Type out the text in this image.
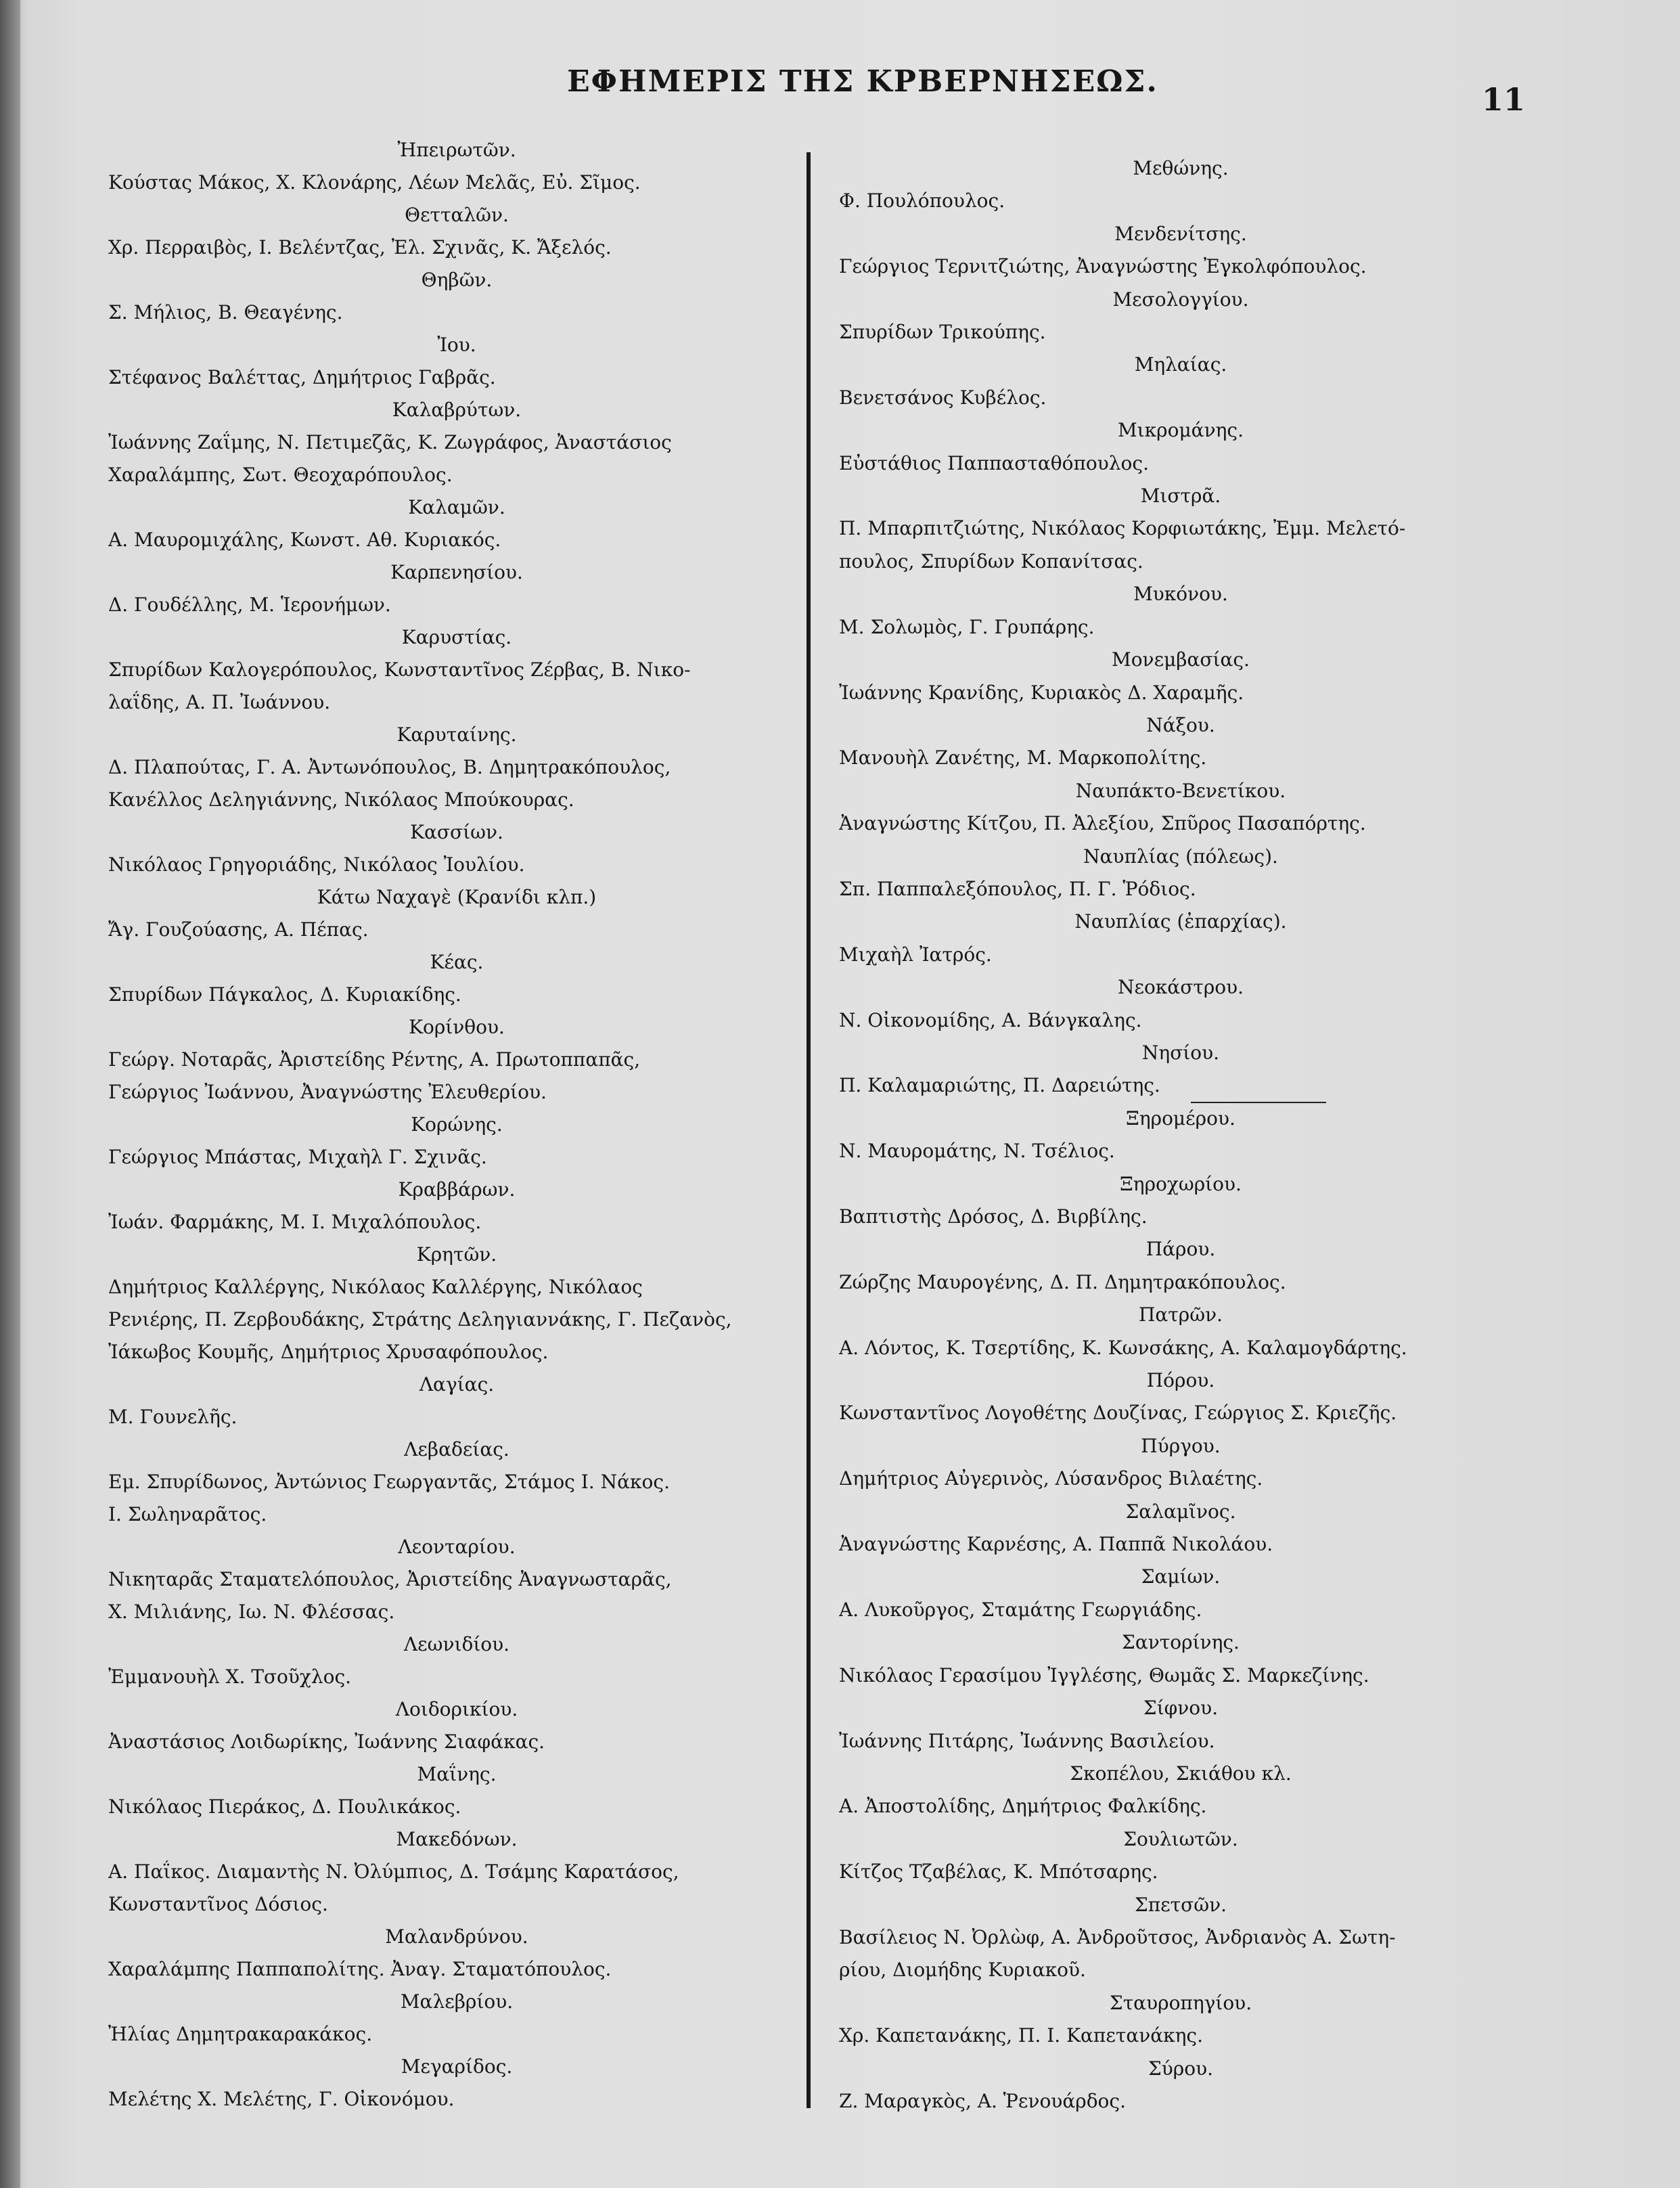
ΕΦΗΜΕΡΙΣ ΤΗΣ ΚΡΒΕΡΝΗΣΕΩΣ.	11
Ἠπειρωτῶν.
Κούστας Μάκος, Χ. Κλονάρης, Λέων Μελᾶς, Εὐ. Σῖμος.
Θετταλῶν.
Χρ. Περραιβὸς, Ι. Βελέντζας, Ἐλ. Σχινᾶς, Κ. Ἄξελός.
Θηβῶν.
Σ. Μήλιος, Β. Θεαγένης.
Ἰου.
Στέφανος Βαλέττας, Δημήτριος Γαβρᾶς.
Καλαβρύτων.
Ἰωάννης Ζαΐμης, Ν. Πετιμεζᾶς, Κ. Ζωγράφος, Ἀναστάσιος
Χαραλάμπης, Σωτ. Θεοχαρόπουλος.
Καλαμῶν.
Α. Μαυρομιχάλης, Κωνστ. Αθ. Κυριακός.
Καρπενησίου.
Δ. Γουδέλλης, Μ. Ἱερονήμων.
Καρυστίας.
Σπυρίδων Καλογερόπουλος, Κωνσταντῖνος Ζέρβας, Β. Νικο-
λαΐδης, Α. Π. Ἰωάννου.
Καρυταίνης.
Δ. Πλαπούτας, Γ. Α. Ἀντωνόπουλος, Β. Δημητρακόπουλος,
Κανέλλος Δεληγιάννης, Νικόλαος Μπούκουρας.
Κασσίων.
Νικόλαος Γρηγοριάδης, Νικόλαος Ἰουλίου.
Κάτω Ναχαγὲ (Κρανίδι κλπ.)
Ἄγ. Γουζούασης, Α. Πέπας.
Κέας.
Σπυρίδων Πάγκαλος, Δ. Κυριακίδης.
Κορίνθου.
Γεώργ. Νοταρᾶς, Ἀριστείδης Ρέντης, Α. Πρωτοππαπᾶς,
Γεώργιος Ἰωάννου, Ἀναγνώστης Ἐλευθερίου.
Κορώνης.
Γεώργιος Μπάστας, Μιχαὴλ Γ. Σχινᾶς.
Κραββάρων.
Ἰωάν. Φαρμάκης, Μ. Ι. Μιχαλόπουλος.
Κρητῶν.
Δημήτριος Καλλέργης, Νικόλαος Καλλέργης, Νικόλαος
Ρενιέρης, Π. Ζερβουδάκης, Στράτης Δεληγιαννάκης, Γ. Πεζανὸς,
Ἰάκωβος Κουμῆς, Δημήτριος Χρυσαφόπουλος.
Λαγίας.
Μ. Γουνελῆς.
Λεβαδείας.
Εμ. Σπυρίδωνος, Ἀντώνιος Γεωργαντᾶς, Στάμος Ι. Νάκος.
Ι. Σωληναρᾶτος.
Λεονταρίου.
Νικηταρᾶς Σταματελόπουλος, Ἀριστείδης Ἀναγνωσταρᾶς,
Χ. Μιλιάνης, Ιω. Ν. Φλέσσας.
Λεωνιδίου.
Ἐμμανουὴλ Χ. Τσοῦχλος.
Λοιδορικίου.
Ἀναστάσιος Λοιδωρίκης, Ἰωάννης Σιαφάκας.
Μαΐνης.
Νικόλαος Πιεράκος, Δ. Πουλικάκος.
Μακεδόνων.
Α. Παΐκος. Διαμαντὴς Ν. Ὀλύμπιος, Δ. Τσάμης Καρατάσος,
Κωνσταντῖνος Δόσιος.
Μαλανδρύνου.
Χαραλάμπης Παππαπολίτης. Ἀναγ. Σταματόπουλος.
Μαλεβρίου.
Ἠλίας Δημητρακαρακάκος.
Μεγαρίδος.
Μελέτης Χ. Μελέτης, Γ. Οἰκονόμου.
Μεθώνης.
Φ. Πουλόπουλος.
Μενδενίτσης.
Γεώργιος Τερνιτζιώτης, Ἀναγνώστης Ἐγκολφόπουλος.
Μεσολογγίου.
Σπυρίδων Τρικούπης.
Μηλαίας.
Βενετσάνος Κυβέλος.
Μικρομάνης.
Εὐστάθιος Παππασταθόπουλος.
Μιστρᾶ.
Π. Μπαρπιτζιώτης, Νικόλαος Κορφιωτάκης, Ἐμμ. Μελετό-
πουλος, Σπυρίδων Κοπανίτσας.
Μυκόνου.
Μ. Σολωμὸς, Γ. Γρυπάρης.
Μονεμβασίας.
Ἰωάννης Κρανίδης, Κυριακὸς Δ. Χαραμῆς.
Νάξου.
Μανουὴλ Ζανέτης, Μ. Μαρκοπολίτης.
Ναυπάκτο-Βενετίκου.
Ἀναγνώστης Κίτζου, Π. Ἀλεξίου, Σπῦρος Πασαπόρτης.
Ναυπλίας (πόλεως).
Σπ. Παππαλεξόπουλος, Π. Γ. Ῥόδιος.
Ναυπλίας (ἐπαρχίας).
Μιχαὴλ Ἰατρός.
Νεοκάστρου.
Ν. Οἰκονομίδης, Α. Βάνγκαλης.
Νησίου.
Π. Καλαμαριώτης, Π. Δαρειώτης.
Ξηρομέρου.
Ν. Μαυρομάτης, Ν. Τσέλιος.
Ξηροχωρίου.
Βαπτιστὴς Δρόσος, Δ. Βιρβίλης.
Πάρου.
Ζώρζης Μαυρογένης, Δ. Π. Δημητρακόπουλος.
Πατρῶν.
Α. Λόντος, Κ. Τσερτίδης, Κ. Κωνσάκης, Α. Καλαμογδάρτης.
Πόρου.
Κωνσταντῖνος Λογοθέτης Δουζίνας, Γεώργιος Σ. Κριεζῆς.
Πύργου.
Δημήτριος Αὐγερινὸς, Λύσανδρος Βιλαέτης.
Σαλαμῖνος.
Ἀναγνώστης Καρνέσης, Α. Παππᾶ Νικολάου.
Σαμίων.
Α. Λυκοῦργος, Σταμάτης Γεωργιάδης.
Σαντορίνης.
Νικόλαος Γερασίμου Ἰγγλέσης, Θωμᾶς Σ. Μαρκεζίνης.
Σίφνου.
Ἰωάννης Πιτάρης, Ἰωάννης Βασιλείου.
Σκοπέλου, Σκιάθου κλ.
Α. Ἀποστολίδης, Δημήτριος Φαλκίδης.
Σουλιωτῶν.
Κίτζος Τζαβέλας, Κ. Μπότσαρης.
Σπετσῶν.
Βασίλειος Ν. Ὀρλὼφ, Α. Ἀνδροῦτσος, Ἀνδριανὸς Α. Σωτη-
ρίου, Διομήδης Κυριακοῦ.
Σταυροπηγίου.
Χρ. Καπετανάκης, Π. Ι. Καπετανάκης.
Σύρου.
Ζ. Μαραγκὸς, Α. Ῥενουάρδος.
